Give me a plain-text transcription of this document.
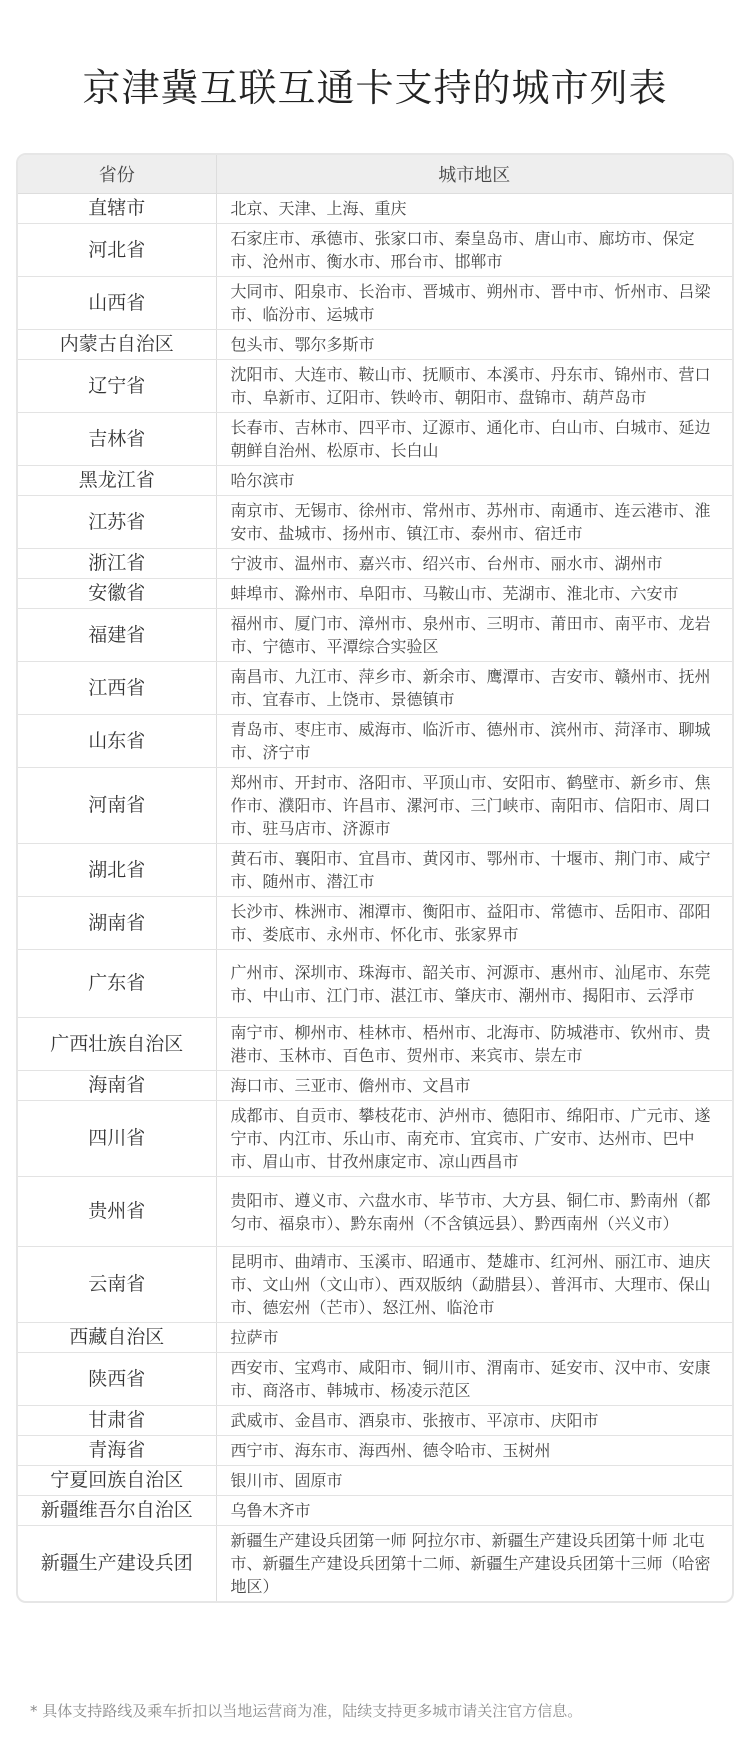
京津冀互联互通卡支持的城市列表
省份	城市地区
直辖市	北京、天津、上海、重庆
河北省	石家庄市、承德市、张家口市、秦皇岛市、唐山市、廊坊市、保定市、沧州市、衡水市、邢台市、邯郸市
山西省	大同市、阳泉市、长治市、晋城市、朔州市、晋中市、忻州市、吕梁市、临汾市、运城市
内蒙古自治区	包头市、鄂尔多斯市
辽宁省	沈阳市、大连市、鞍山市、抚顺市、本溪市、丹东市、锦州市、营口市、阜新市、辽阳市、铁岭市、朝阳市、盘锦市、葫芦岛市
吉林省	长春市、吉林市、四平市、辽源市、通化市、白山市、白城市、延边朝鲜自治州、松原市、长白山
黑龙江省	哈尔滨市
江苏省	南京市、无锡市、徐州市、常州市、苏州市、南通市、连云港市、淮安市、盐城市、扬州市、镇江市、泰州市、宿迁市
浙江省	宁波市、温州市、嘉兴市、绍兴市、台州市、丽水市、湖州市
安徽省	蚌埠市、滁州市、阜阳市、马鞍山市、芜湖市、淮北市、六安市
福建省	福州市、厦门市、漳州市、泉州市、三明市、莆田市、南平市、龙岩市、宁德市、平潭综合实验区
江西省	南昌市、九江市、萍乡市、新余市、鹰潭市、吉安市、赣州市、抚州市、宜春市、上饶市、景德镇市
山东省	青岛市、枣庄市、威海市、临沂市、德州市、滨州市、菏泽市、聊城市、济宁市
河南省	郑州市、开封市、洛阳市、平顶山市、安阳市、鹤壁市、新乡市、焦作市、濮阳市、许昌市、漯河市、三门峡市、南阳市、信阳市、周口市、驻马店市、济源市
湖北省	黄石市、襄阳市、宜昌市、黄冈市、鄂州市、十堰市、荆门市、咸宁市、随州市、潜江市
湖南省	长沙市、株洲市、湘潭市、衡阳市、益阳市、常德市、岳阳市、邵阳市、娄底市、永州市、怀化市、张家界市
广东省	广州市、深圳市、珠海市、韶关市、河源市、惠州市、汕尾市、东莞市、中山市、江门市、湛江市、肇庆市、潮州市、揭阳市、云浮市
广西壮族自治区	南宁市、柳州市、桂林市、梧州市、北海市、防城港市、钦州市、贵港市、玉林市、百色市、贺州市、来宾市、崇左市
海南省	海口市、三亚市、儋州市、文昌市
四川省	成都市、自贡市、攀枝花市、泸州市、德阳市、绵阳市、广元市、遂宁市、内江市、乐山市、南充市、宜宾市、广安市、达州市、巴中市、眉山市、甘孜州康定市、凉山西昌市
贵州省	贵阳市、遵义市、六盘水市、毕节市、大方县、铜仁市、黔南州（都匀市、福泉市）、黔东南州（不含镇远县）、黔西南州（兴义市）
云南省	昆明市、曲靖市、玉溪市、昭通市、楚雄市、红河州、丽江市、迪庆市、文山州（文山市）、西双版纳（勐腊县）、普洱市、大理市、保山市、德宏州（芒市）、怒江州、临沧市
西藏自治区	拉萨市
陕西省	西安市、宝鸡市、咸阳市、铜川市、渭南市、延安市、汉中市、安康市、商洛市、韩城市、杨凌示范区
甘肃省	武威市、金昌市、酒泉市、张掖市、平凉市、庆阳市
青海省	西宁市、海东市、海西州、德令哈市、玉树州
宁夏回族自治区	银川市、固原市
新疆维吾尔自治区	乌鲁木齐市
新疆生产建设兵团	新疆生产建设兵团第一师 阿拉尔市、新疆生产建设兵团第十师 北屯市、新疆生产建设兵团第十二师、新疆生产建设兵团第十三师（哈密地区）
* 具体支持路线及乘车折扣以当地运营商为准，陆续支持更多城市请关注官方信息。
